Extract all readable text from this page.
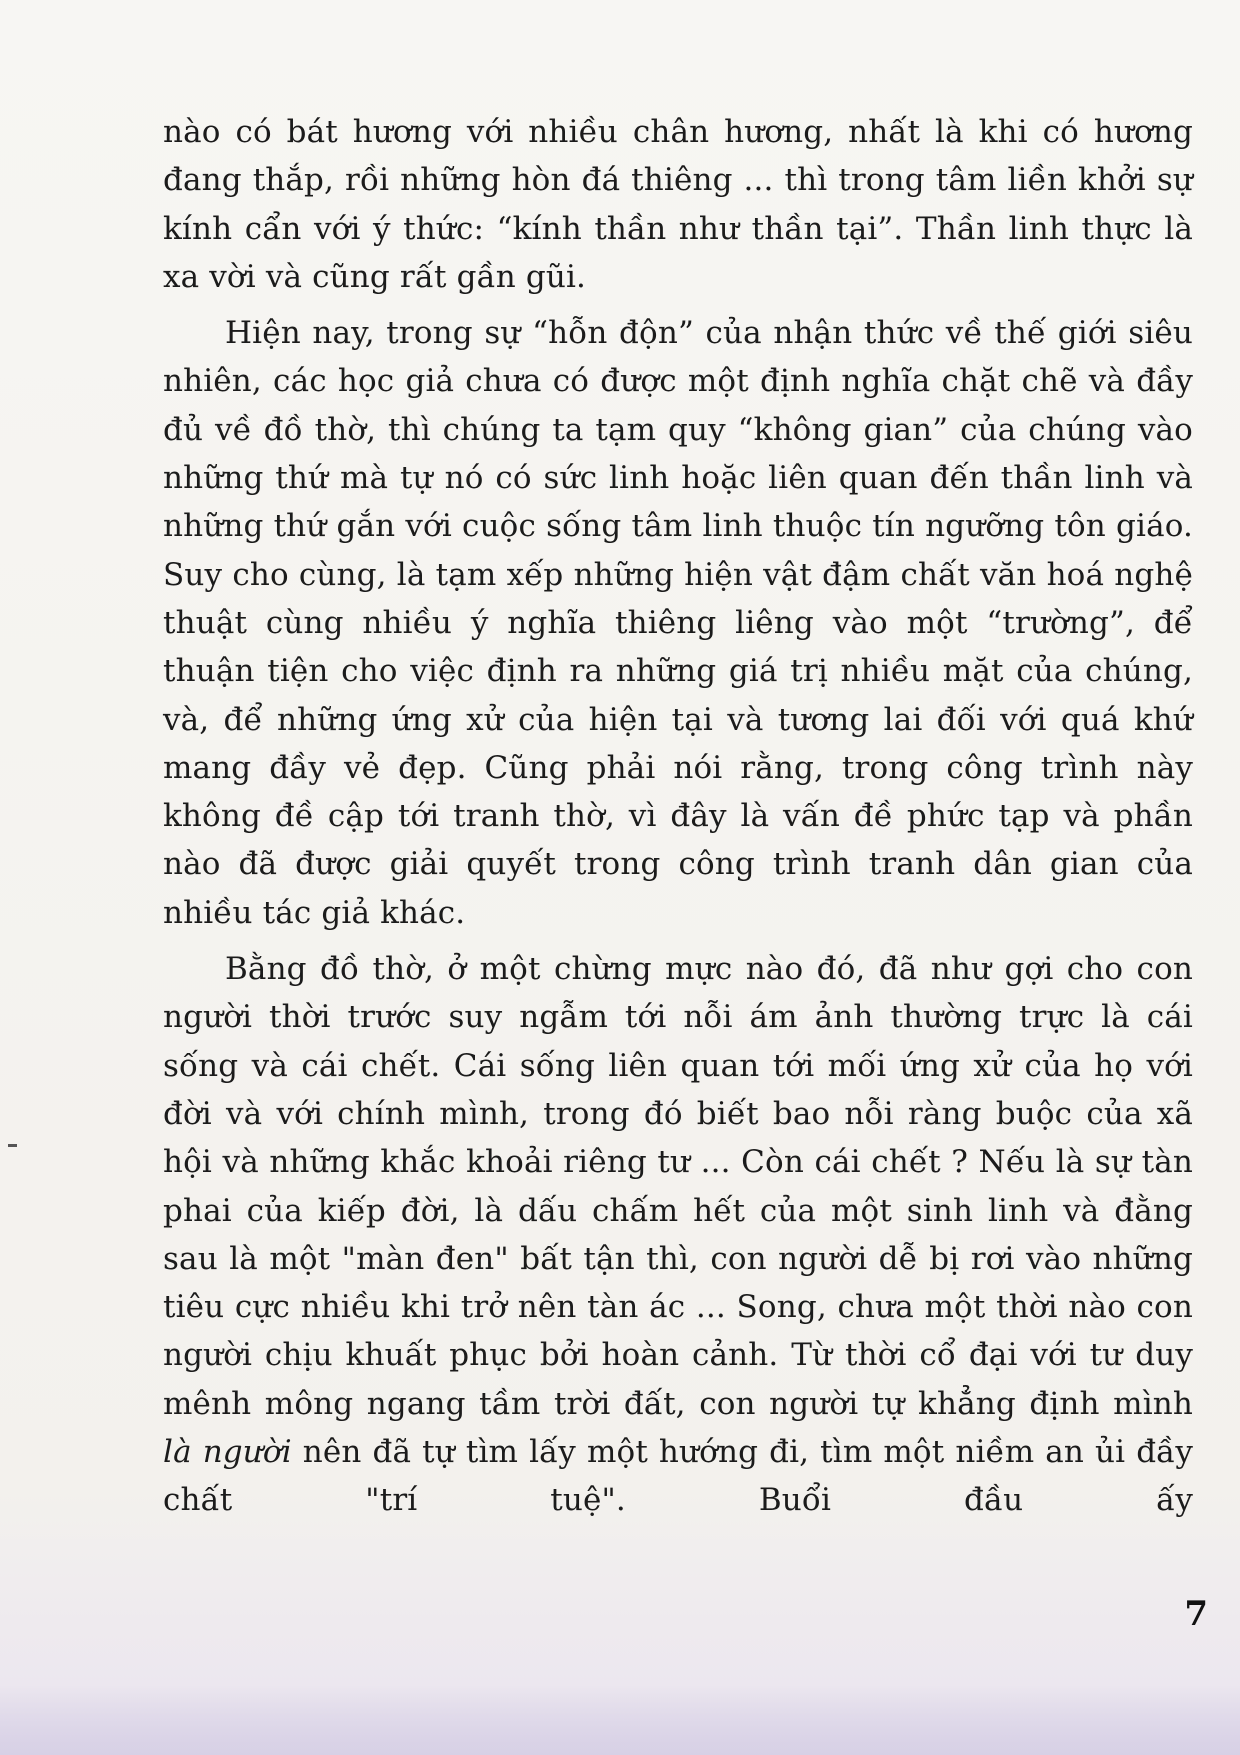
nào có bát hương với nhiều chân hương, nhất là khi có hương đang thắp, rồi những hòn đá thiêng ... thì trong tâm liền khởi sự kính cẩn với ý thức: “kính thần như thần tại”. Thần linh thực là xa vời và cũng rất gần gũi.

Hiện nay, trong sự “hỗn độn” của nhận thức về thế giới siêu nhiên, các học giả chưa có được một định nghĩa chặt chẽ và đầy đủ về đồ thờ, thì chúng ta tạm quy “không gian” của chúng vào những thứ mà tự nó có sức linh hoặc liên quan đến thần linh và những thứ gắn với cuộc sống tâm linh thuộc tín ngưỡng tôn giáo. Suy cho cùng, là tạm xếp những hiện vật đậm chất văn hoá nghệ thuật cùng nhiều ý nghĩa thiêng liêng vào một “trường”, để thuận tiện cho việc định ra những giá trị nhiều mặt của chúng, và, để những ứng xử của hiện tại và tương lai đối với quá khứ mang đầy vẻ đẹp. Cũng phải nói rằng, trong công trình này không đề cập tới tranh thờ, vì đây là vấn đề phức tạp và phần nào đã được giải quyết trong công trình tranh dân gian của nhiều tác giả khác.

Bằng đồ thờ, ở một chừng mực nào đó, đã như gợi cho con người thời trước suy ngẫm tới nỗi ám ảnh thường trực là cái sống và cái chết. Cái sống liên quan tới mối ứng xử của họ với đời và với chính mình, trong đó biết bao nỗi ràng buộc của xã hội và những khắc khoải riêng tư ... Còn cái chết ? Nếu là sự tàn phai của kiếp đời, là dấu chấm hết của một sinh linh và đằng sau là một "màn đen" bất tận thì, con người dễ bị rơi vào những tiêu cực nhiều khi trở nên tàn ác ... Song, chưa một thời nào con người chịu khuất phục bởi hoàn cảnh. Từ thời cổ đại với tư duy mênh mông ngang tầm trời đất, con người tự khẳng định mình là người nên đã tự tìm lấy một hướng đi, tìm một niềm an ủi đầy chất "trí tuệ". Buổi đầu ấy

7
